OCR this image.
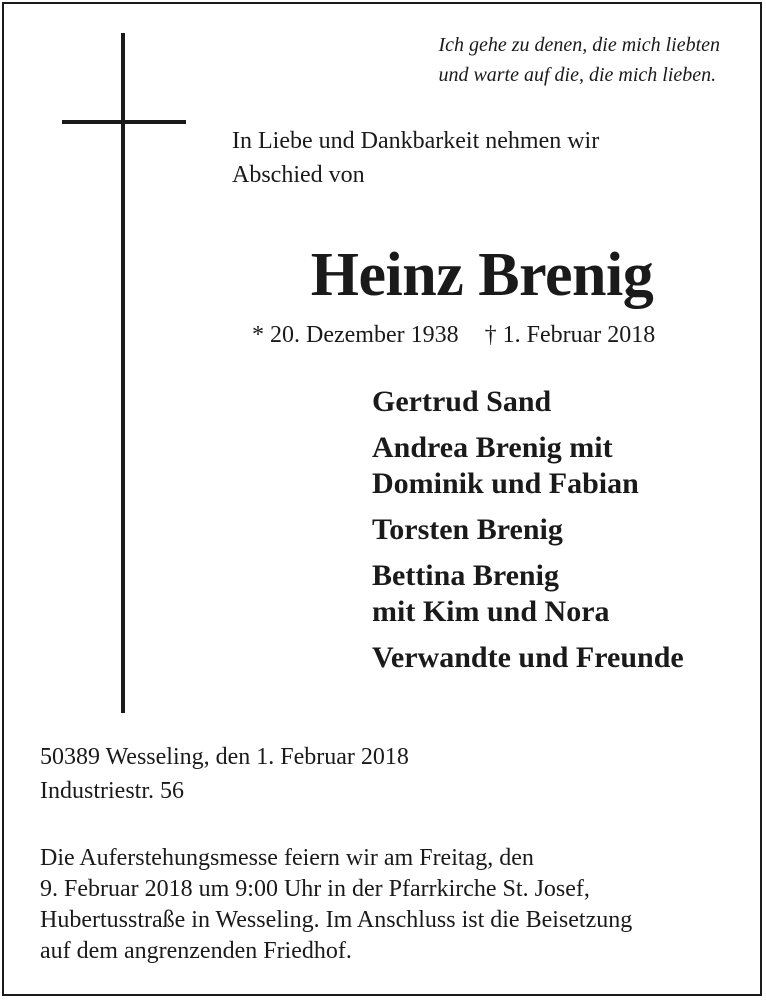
Ich gehe zu denen, die mich liebten
und warte auf die, die mich lieben.
In Liebe und Dankbarkeit nehmen wir
Abschied von
Heinz Brenig
* 20. Dezember 1938 † 1. Februar 2018
Gertrud Sand
Andrea Brenig mit
Dominik und Fabian
Torsten Brenig
Bettina Brenig
mit Kim und Nora
Verwandte und Freunde
50389 Wesseling, den 1. Februar 2018
Industriestr. 56
Die Auferstehungsmesse feiern wir am Freitag, den
9. Februar 2018 um 9:00 Uhr in der Pfarrkirche St. Josef,
Hubertusstraße in Wesseling. Im Anschluss ist die Beisetzung
auf dem angrenzenden Friedhof.
